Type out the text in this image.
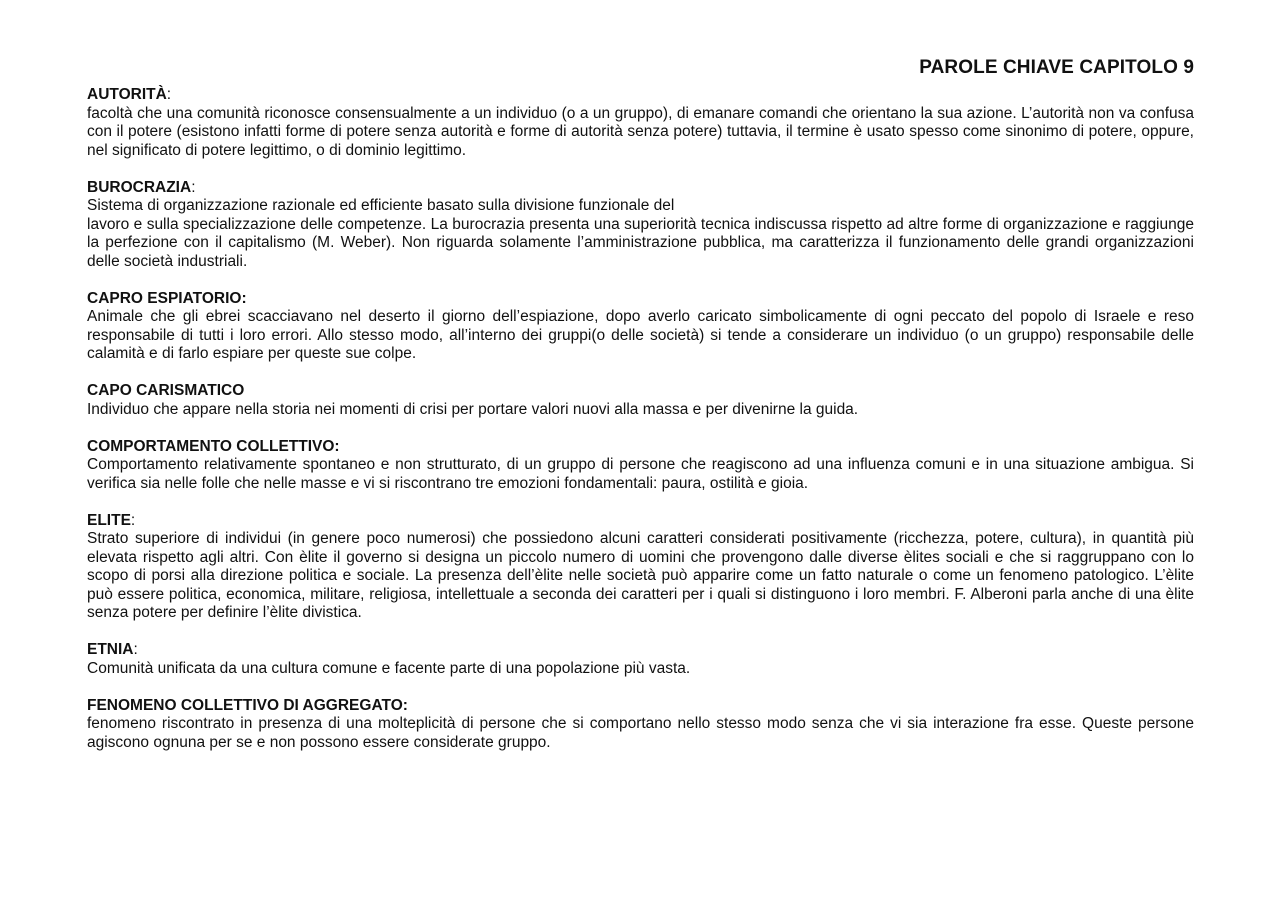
PAROLE CHIAVE CAPITOLO 9
AUTORITÀ:

facoltà che una comunità riconosce consensualmente a un individuo (o a un gruppo), di emanare comandi che orientano la sua azione. L’autorità non va confusa con il potere (esistono infatti forme di potere senza autorità e forme di autorità senza potere) tuttavia, il termine è usato spesso come sinonimo di potere, oppure, nel significato di potere legittimo, o di dominio legittimo.

BUROCRAZIA:
Sistema di organizzazione razionale ed efficiente basato sulla divisione funzionale del

lavoro e sulla specializzazione delle competenze. La burocrazia presenta una superiorità tecnica indiscussa rispetto ad altre forme di organizzazione e raggiunge la perfezione con il capitalismo (M. Weber). Non riguarda solamente l’amministrazione pubblica, ma caratterizza il funzionamento delle grandi organizzazioni delle società industriali.

CAPRO ESPIATORIO:

Animale che gli ebrei scacciavano nel deserto il giorno dell’espiazione, dopo averlo caricato simbolicamente di ogni peccato del popolo di Israele e reso responsabile di tutti i loro errori. Allo stesso modo, all’interno dei gruppi(o delle società) si tende a considerare un individuo (o un gruppo) responsabile delle calamità e di farlo espiare per queste sue colpe.

CAPO CARISMATICO

Individuo che appare nella storia nei momenti di crisi per portare valori nuovi alla massa e per divenirne la guida.

COMPORTAMENTO COLLETTIVO:

Comportamento relativamente spontaneo e non strutturato, di un gruppo di persone che reagiscono ad una influenza comuni e in una situazione ambigua. Si verifica sia nelle folle che nelle masse e vi si riscontrano tre emozioni fondamentali: paura, ostilità e gioia.

ELITE:

Strato superiore di individui (in genere poco numerosi) che possiedono alcuni caratteri considerati positivamente (ricchezza, potere, cultura), in quantità più elevata rispetto agli altri. Con èlite il governo si designa un piccolo numero di uomini che provengono dalle diverse èlites sociali e che si raggruppano con lo scopo di porsi alla direzione politica e sociale. La presenza dell’èlite nelle società può apparire come un fatto naturale o come un fenomeno patologico. L’èlite può essere politica, economica, militare, religiosa, intellettuale a seconda dei caratteri per i quali si distinguono i loro membri. F. Alberoni parla anche di una èlite senza potere per definire l’èlite divistica.

ETNIA:

Comunità unificata da una cultura comune e facente parte di una popolazione più vasta.

FENOMENO COLLETTIVO DI AGGREGATO:

fenomeno riscontrato in presenza di una molteplicità di persone che si comportano nello stesso modo senza che vi sia interazione fra esse. Queste persone agiscono ognuna per se e non possono essere considerate gruppo.
